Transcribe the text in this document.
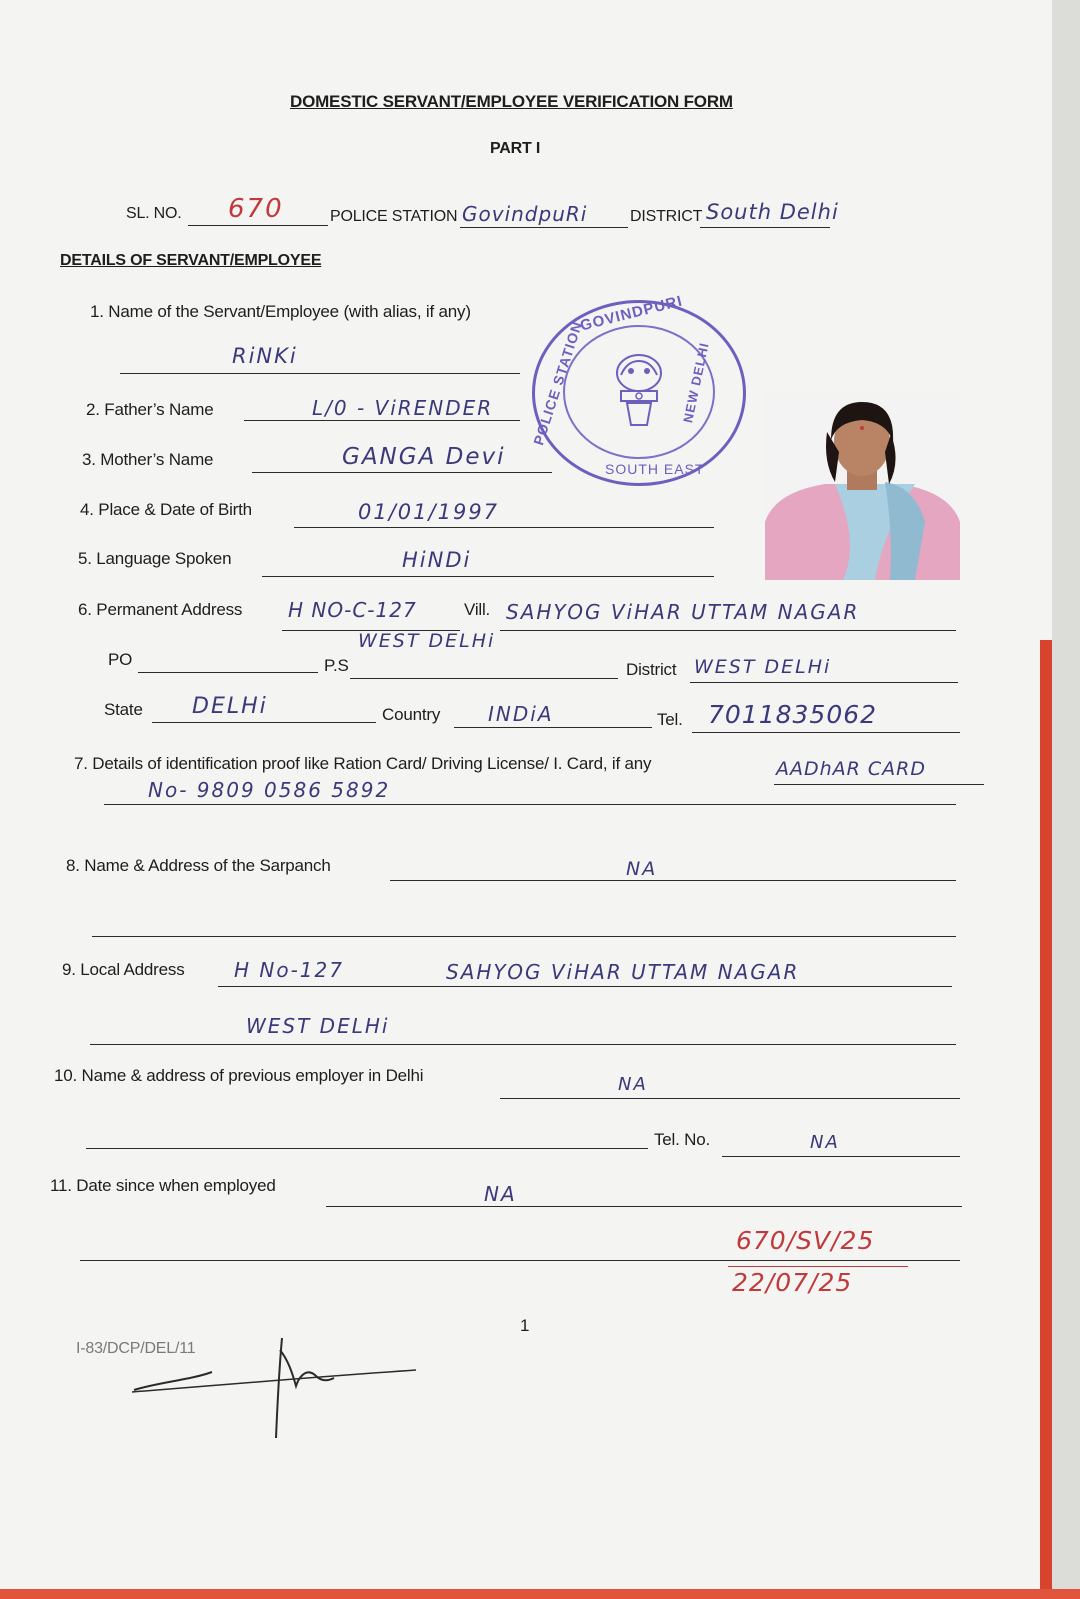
DOMESTIC SERVANT/EMPLOYEE VERIFICATION FORM
PART I
SL. NO. 670	POLICE STATION GovindpuRi	DISTRICT South Delhi
DETAILS OF SERVANT/EMPLOYEE
1. Name of the Servant/Employee (with alias, if any)
RiNKi
2. Father’s Name	L/0 - ViRENDER
3. Mother’s Name	GANGA Devi
4. Place & Date of Birth	01/01/1997
5. Language Spoken	HiNDi
6. Permanent Address H NO-C-127	Vill. SAHYOG ViHAR UTTAM NAGAR
WEST DELHi
PO	P.S	District WEST DELHi
State DELHi	Country INDiA	Tel. 7011835062
7. Details of identification proof like Ration Card/ Driving License/ I. Card, if any	AADhAR CARD
No- 9809 0586 5892
8. Name & Address of the Sarpanch	NA
9. Local Address H No-127	SAHYOG ViHAR UTTAM NAGAR
WEST DELHi
10. Name & address of previous employer in Delhi	NA
Tel. No.	NA
11. Date since when employed	NA
670/SV/25
22/07/25
1
I-83/DCP/DEL/11
GOVINDPURI
POLICE STATION	NEW DELHI
SOUTH EAST
